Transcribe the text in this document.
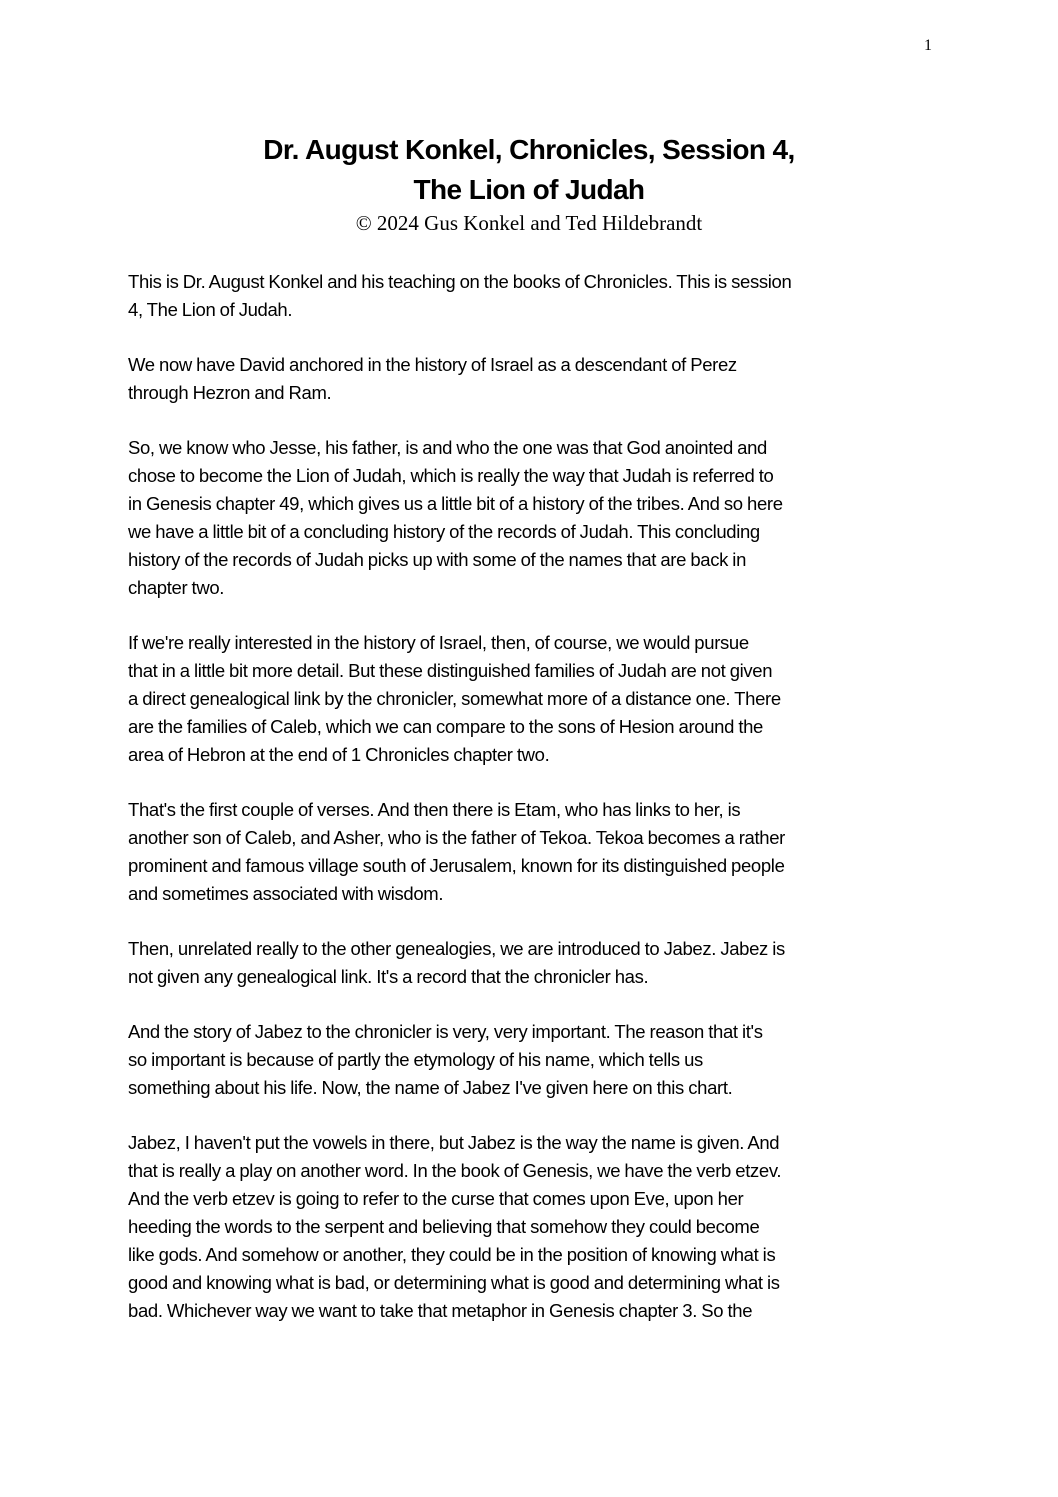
1
Dr. August Konkel, Chronicles, Session 4,
The Lion of Judah
© 2024 Gus Konkel and Ted Hildebrandt

This is Dr. August Konkel and his teaching on the books of Chronicles. This is session
4, The Lion of Judah.

We now have David anchored in the history of Israel as a descendant of Perez
through Hezron and Ram.

So, we know who Jesse, his father, is and who the one was that God anointed and
chose to become the Lion of Judah, which is really the way that Judah is referred to
in Genesis chapter 49, which gives us a little bit of a history of the tribes. And so here
we have a little bit of a concluding history of the records of Judah. This concluding
history of the records of Judah picks up with some of the names that are back in
chapter two.

If we're really interested in the history of Israel, then, of course, we would pursue
that in a little bit more detail. But these distinguished families of Judah are not given
a direct genealogical link by the chronicler, somewhat more of a distance one. There
are the families of Caleb, which we can compare to the sons of Hesion around the
area of Hebron at the end of 1 Chronicles chapter two.

That's the first couple of verses. And then there is Etam, who has links to her, is
another son of Caleb, and Asher, who is the father of Tekoa. Tekoa becomes a rather
prominent and famous village south of Jerusalem, known for its distinguished people
and sometimes associated with wisdom.

Then, unrelated really to the other genealogies, we are introduced to Jabez. Jabez is
not given any genealogical link. It's a record that the chronicler has.

And the story of Jabez to the chronicler is very, very important. The reason that it's
so important is because of partly the etymology of his name, which tells us
something about his life. Now, the name of Jabez I've given here on this chart.

Jabez, I haven't put the vowels in there, but Jabez is the way the name is given. And
that is really a play on another word. In the book of Genesis, we have the verb etzev.
And the verb etzev is going to refer to the curse that comes upon Eve, upon her
heeding the words to the serpent and believing that somehow they could become
like gods. And somehow or another, they could be in the position of knowing what is
good and knowing what is bad, or determining what is good and determining what is
bad. Whichever way we want to take that metaphor in Genesis chapter 3. So the
